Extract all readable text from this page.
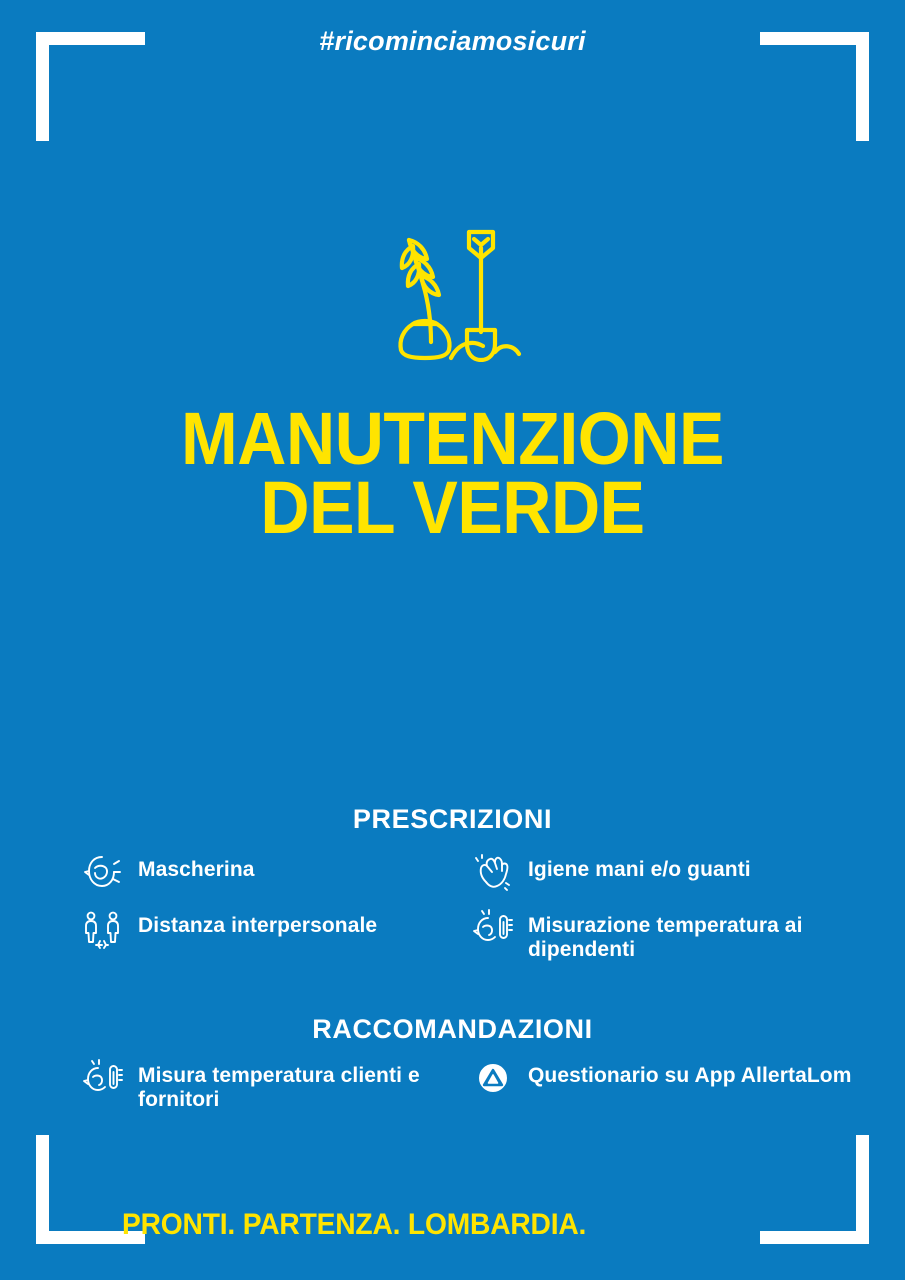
#ricominciamosicuri
MANUTENZIONE
DEL VERDE
PRESCRIZIONI
Mascherina	Igiene mani e/o guanti
Distanza interpersonale	Misurazione temperatura ai dipendenti
RACCOMANDAZIONI
Misura temperatura clienti e fornitori
Questionario su App AllertaLom
PRONTI. PARTENZA. LOMBARDIA.
